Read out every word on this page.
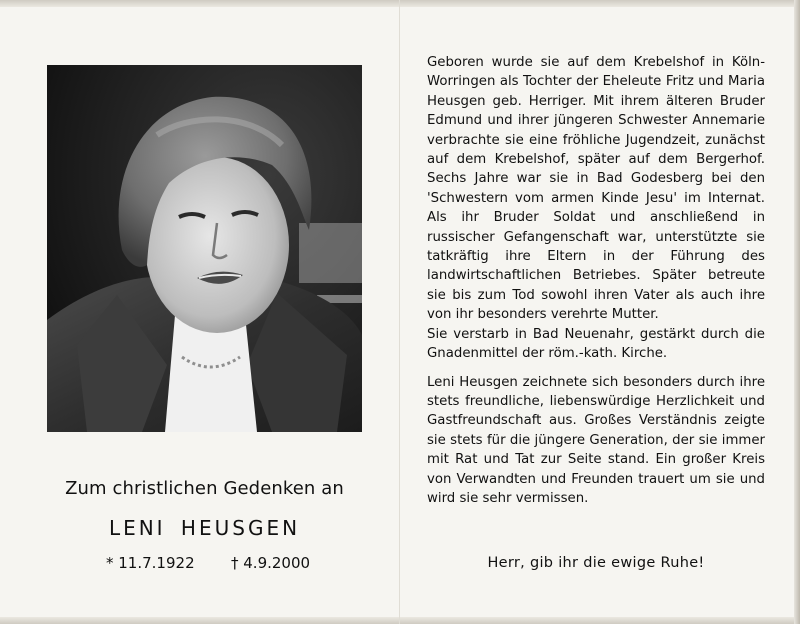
Zum christlichen Gedenken an
LENI HEUSGEN
* 11.7.1922 † 4.9.2000

Geboren wurde sie auf dem Krebelshof in Köln-Worringen als Tochter der Eheleute Fritz und Maria Heusgen geb. Herriger. Mit ihrem älteren Bruder Edmund und ihrer jüngeren Schwester Annemarie verbrachte sie eine fröhliche Jugendzeit, zunächst auf dem Krebelshof, später auf dem Bergerhof. Sechs Jahre war sie in Bad Godesberg bei den 'Schwestern vom armen Kinde Jesu' im Internat. Als ihr Bruder Soldat und anschließend in russischer Gefangenschaft war, unterstützte sie tatkräftig ihre Eltern in der Führung des landwirtschaftlichen Betriebes. Später betreute sie bis zum Tod sowohl ihren Vater als auch ihre von ihr besonders verehrte Mutter.

Sie verstarb in Bad Neuenahr, gestärkt durch die Gnadenmittel der röm.-kath. Kirche.

Leni Heusgen zeichnete sich besonders durch ihre stets freundliche, liebenswürdige Herzlichkeit und Gastfreundschaft aus. Großes Verständnis zeigte sie stets für die jüngere Generation, der sie immer mit Rat und Tat zur Seite stand. Ein großer Kreis von Verwandten und Freunden trauert um sie und wird sie sehr vermissen.

Herr, gib ihr die ewige Ruhe!
